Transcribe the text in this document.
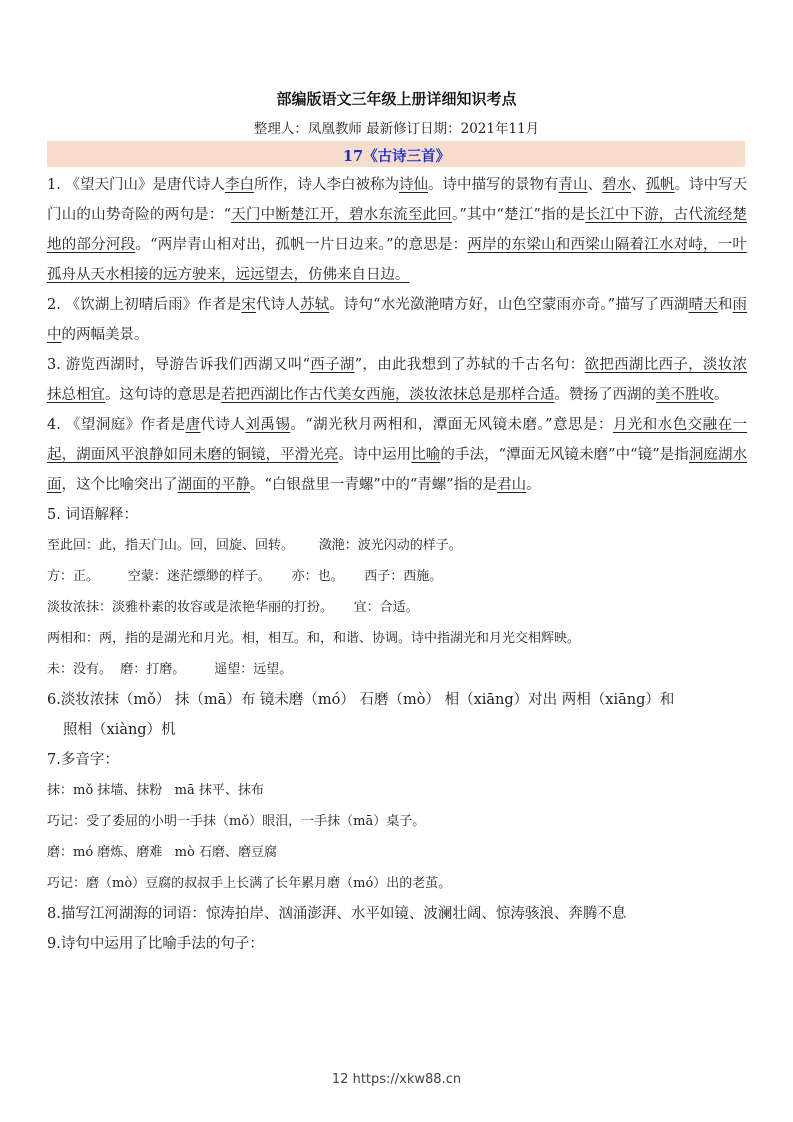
部编版语文三年级上册详细知识考点
整理人：凤凰教师 最新修订日期：2021年11月
17《古诗三首》

1. 《望天门山》是唐代诗人李白所作，诗人李白被称为诗仙。诗中描写的景物有青山、碧水、孤帆。诗中写天门山的山势奇险的两句是：“天门中断楚江开，碧水东流至此回。”其中“楚江”指的是长江中下游，古代流经楚地的部分河段。“两岸青山相对出，孤帆一片日边来。”的意思是：两岸的东梁山和西梁山隔着江水对峙，一叶孤舟从天水相接的远方驶来，远远望去，仿佛来自日边。

2. 《饮湖上初晴后雨》作者是宋代诗人苏轼。诗句“水光潋滟晴方好，山色空蒙雨亦奇。”描写了西湖晴天和雨中的两幅美景。

3. 游览西湖时，导游告诉我们西湖又叫“西子湖”，由此我想到了苏轼的千古名句：欲把西湖比西子，淡妆浓抹总相宜。这句诗的意思是若把西湖比作古代美女西施，淡妆浓抹总是那样合适。赞扬了西湖的美不胜收。

4. 《望洞庭》作者是唐代诗人刘禹锡。“湖光秋月两相和，潭面无风镜未磨。”意思是：月光和水色交融在一起，湖面风平浪静如同未磨的铜镜，平滑光亮。诗中运用比喻的手法，“潭面无风镜未磨”中“镜”是指洞庭湖水面，这个比喻突出了湖面的平静。“白银盘里一青螺”中的“青螺”指的是君山。

5. 词语解释：

至此回：此，指天门山。回，回旋、回转。      潋滟：波光闪动的样子。

方：正。       空蒙：迷茫缥缈的样子。     亦：也。     西子：西施。

淡妆浓抹：淡雅朴素的妆容或是浓艳华丽的打扮。     宜：合适。

两相和：两，指的是湖光和月光。相，相互。和，和谐、协调。诗中指湖光和月光交相辉映。

未：没有。  磨：打磨。       遥望：远望。

6.淡妆浓抹（mǒ） 抹（mā）布 镜未磨（mó） 石磨（mò） 相（xiāng）对出 两相（xiāng）和

照相（xiàng）机

7.多音字：

抹：mǒ 抹墙、抹粉   mā 抹平、抹布

巧记：受了委屈的小明一手抹（mǒ）眼泪，一手抹（mā）桌子。

磨：mó 磨炼、磨难   mò 石磨、磨豆腐

巧记：磨（mò）豆腐的叔叔手上长满了长年累月磨（mó）出的老茧。

8.描写江河湖海的词语：惊涛拍岸、汹涌澎湃、水平如镜、波澜壮阔、惊涛骇浪、奔腾不息

9.诗句中运用了比喻手法的句子：

12 https://xkw88.cn
